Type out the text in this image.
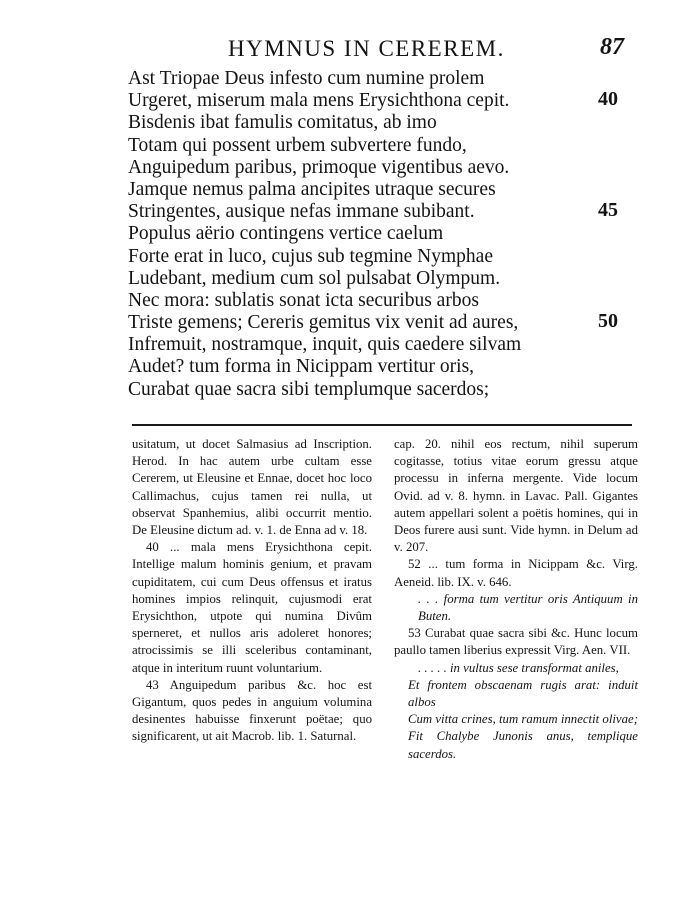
HYMNUS IN CEREREM.	87
Ast Triopae Deus infesto cum numine prolem
Urgeret, miserum mala mens Erysichthona cepit.
Bisdenis ibat famulis comitatus, ab imo
Totam qui possent urbem subvertere fundo,
Anguipedum paribus, primoque vigentibus aevo.
Jamque nemus palma ancipites utraque secures
Stringentes, ausique nefas immane subibant.
Populus aërio contingens vertice caelum
Forte erat in luco, cujus sub tegmine Nymphae
Ludebant, medium cum sol pulsabat Olympum.
Nec mora: sublatis sonat icta securibus arbos
Triste gemens; Cereris gemitus vix venit ad aures,
Infremuit, nostramque, inquit, quis caedere silvam
Audet? tum forma in Nicippam vertitur oris,
Curabat quae sacra sibi templumque sacerdos;
40
45
50

usitatum, ut docet Salmasius ad Inscription. Herod. In hac autem urbe cultam esse Cererem, ut Eleusine et Ennae, docet hoc loco Callimachus, cujus tamen rei nulla, ut observat Spanhemius, alibi occurrit mentio. De Eleusine dictum ad. v. 1. de Enna ad v. 18.

40 ... mala mens Erysichthona cepit. Intellige malum hominis genium, et pravam cupiditatem, cui cum Deus offensus et iratus homines impios relinquit, cujusmodi erat Erysichthon, utpote qui numina Divûm sperneret, et nullos aris adoleret honores; atrocissimis se illi sceleribus contaminant, atque in interitum ruunt voluntarium.

43 Anguipedum paribus &c. hoc est Gigantum, quos pedes in anguium volumina desinentes habuisse finxerunt poëtae; quo significarent, ut ait Macrob. lib. 1. Saturnal.

cap. 20. nihil eos rectum, nihil superum cogitasse, totius vitae eorum gressu atque processu in inferna mergente. Vide locum Ovid. ad v. 8. hymn. in Lavac. Pall. Gigantes autem appellari solent a poëtis homines, qui in Deos furere ausi sunt. Vide hymn. in Delum ad v. 207.

52 ... tum forma in Nicippam &c. Virg. Aeneid. lib. IX. v. 646.

. . . forma tum vertitur oris Antiquum in Buten.

53 Curabat quae sacra sibi &c. Hunc locum paullo tamen liberius expressit Virg. Aen. VII.

. . . . . in vultus sese transformat aniles,

Et frontem obscaenam rugis arat: induit albos

Cum vitta crines, tum ramum innectit olivae;

Fit Chalybe Junonis anus, templique sacerdos.
